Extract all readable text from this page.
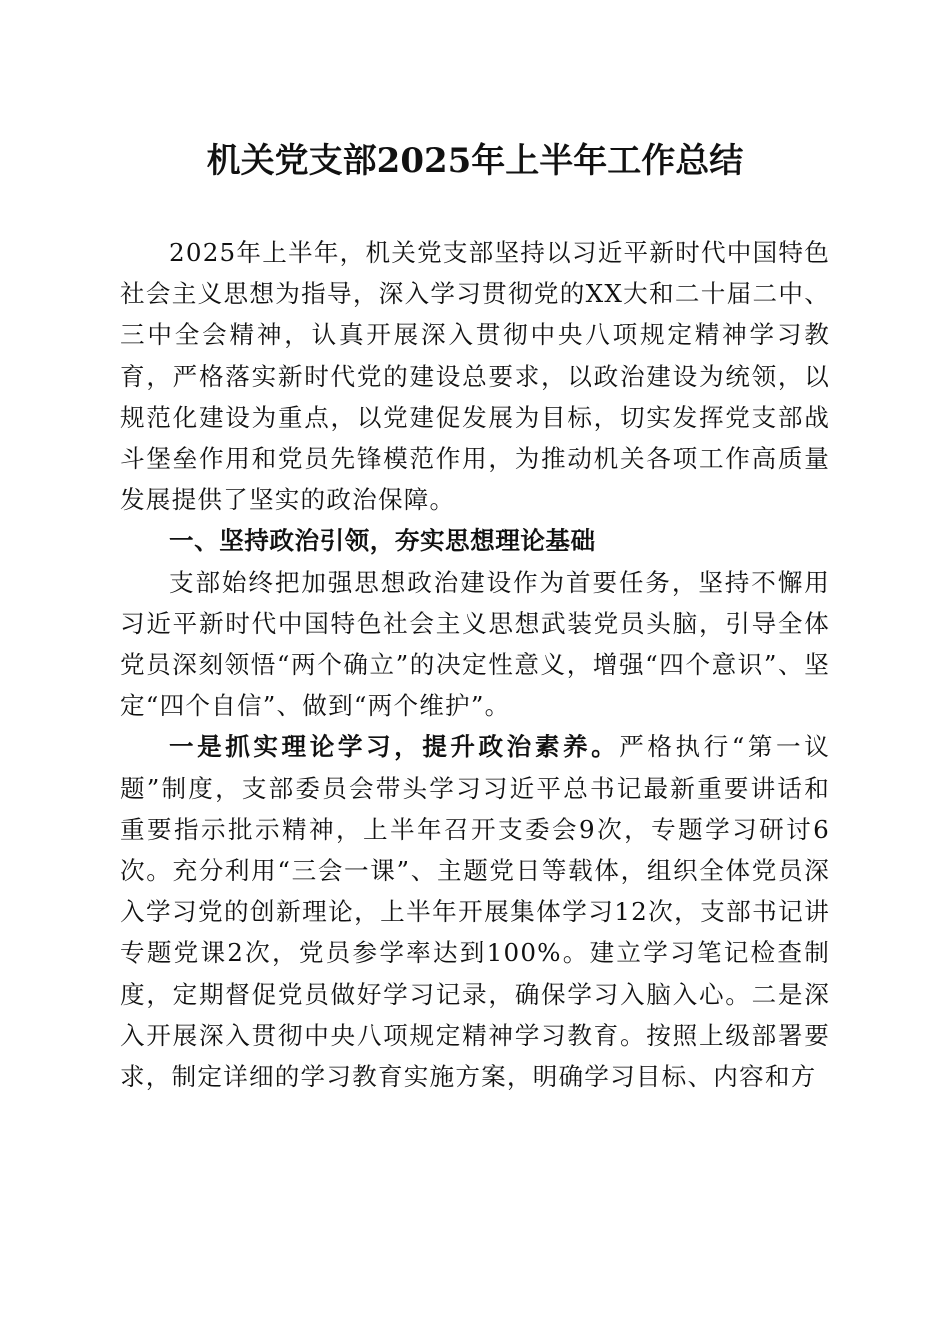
机关党支部2025年上半年工作总结

2025年上半年，机关党支部坚持以习近平新时代中国特色社会主义思想为指导，深入学习贯彻党的XX大和二十届二中、三中全会精神，认真开展深入贯彻中央八项规定精神学习教育，严格落实新时代党的建设总要求，以政治建设为统领，以规范化建设为重点，以党建促发展为目标，切实发挥党支部战斗堡垒作用和党员先锋模范作用，为推动机关各项工作高质量发展提供了坚实的政治保障。

一、坚持政治引领，夯实思想理论基础

支部始终把加强思想政治建设作为首要任务，坚持不懈用习近平新时代中国特色社会主义思想武装党员头脑，引导全体党员深刻领悟“两个确立”的决定性意义，增强“四个意识”、坚定“四个自信”、做到“两个维护”。

一是抓实理论学习，提升政治素养。严格执行“第一议题”制度，支部委员会带头学习习近平总书记最新重要讲话和重要指示批示精神，上半年召开支委会9次，专题学习研讨6次。充分利用“三会一课”、主题党日等载体，组织全体党员深入学习党的创新理论，上半年开展集体学习12次，支部书记讲专题党课2次，党员参学率达到100%。建立学习笔记检查制度，定期督促党员做好学习记录，确保学习入脑入心。二是深入开展深入贯彻中央八项规定精神学习教育。按照上级部署要求，制定详细的学习教育实施方案，明确学习目标、内容和方
